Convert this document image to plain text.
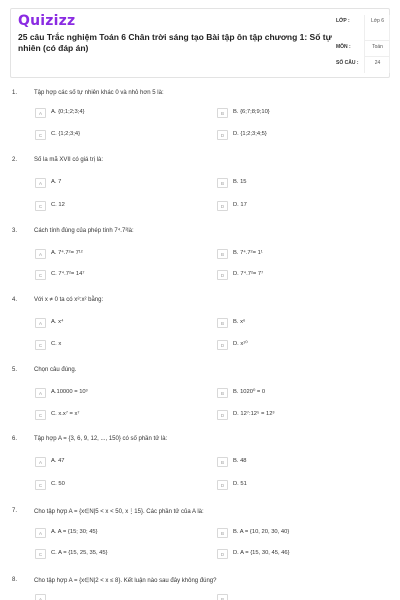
Quizizz
25 câu Trắc nghiệm Toán 6 Chân trời sáng tạo Bài tập ôn tập chương 1: Số tự nhiên (có đáp án)
LỚP :	Lớp 6
MÔN :	Toán
SỐ CÂU :	24
1.	Tập hợp các số tự nhiên khác 0 và nhỏ hơn 5 là:
A	A. {0;1;2;3;4}	B	B. {6;7;8;9;10}
C	C. {1;2;3;4}	D	D. {1;2;3;4;5}
2.	Số la mã XVII có giá trị là:
A	A. 7	B	B. 15
C	C. 12	D	D. 17
3.	Cách tính đúng của phép tính 7⁴.7²là:
A	A. 7⁴.7²= 7¹²	B	B. 7⁴.7²= 1¹
C	C. 7⁴.7²= 14⁷	D	D. 7⁴.7²= 7⁷
4.	Với x ≠ 0 ta có x⁸:x² bằng:
A	A. x⁴	B	B. x⁶
C	C. x	D	D. x¹⁰
5.	Chọn câu đúng.
A	A.10000 = 10³	B	B. 1020⁰ = 0
C	C. x.x⁷ = x⁷	D	D. 12⁷:12⁵ = 12³
6.	Tập hợp A = {3, 6, 9, 12, ..., 150} có số phần tử là:
A	A. 47	B	B. 48
C	C. 50	D	D. 51
7.	Cho tập hợp A = {x∈N|5 < x < 50, x⋮15}. Các phần tử của A là:
A	A. A = {15; 30; 45}	B	B. A = {10, 20, 30, 40}
C	C. A = {15, 25, 35, 45}	D	D. A = {15, 30, 45, 46}
8.	Cho tập hợp A = {x∈N|2 < x ≤ 8}. Kết luận nào sau đây không đúng?
A	B
